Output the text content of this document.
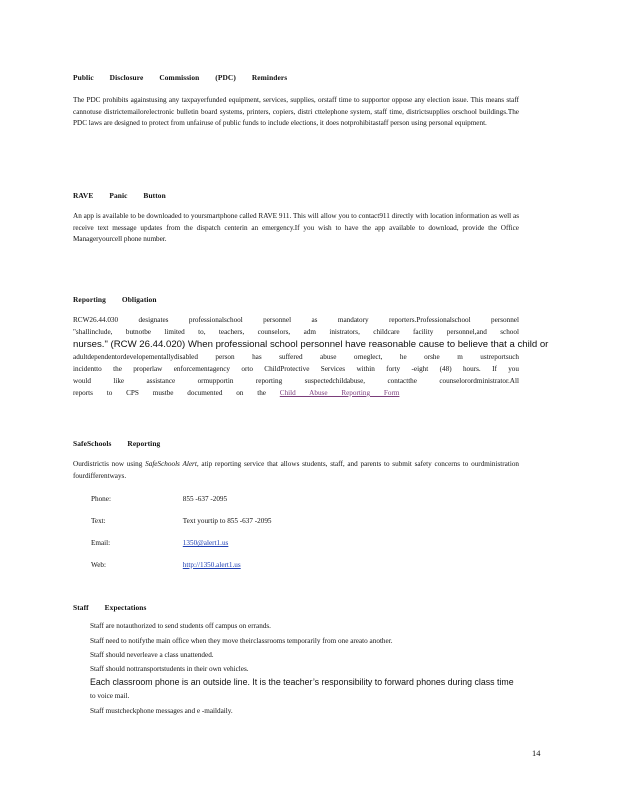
Public Disclosure Commission (PDC) Reminders
The PDC prohibits againstusing any taxpayerfunded equipment, services, supplies, orstaff time to supportor oppose any election issue. This means staff cannotuse districtemailorelectronic bulletin board systems, printers, copiers, distri cttelephone system, staff time, districtsupplies orschool buildings.The PDC laws are designed to protect from unfairuse of public funds to include elections, it does notprohibitastaff person using personal equipment.
RAVE Panic Button
An app is available to be downloaded to yoursmartphone called RAVE 911. This will allow you to contact911 directly with location information as well as receive text message updates from the dispatch centerin an emergency.If you wish to have the app available to download, provide the Office Manageryourcell phone number.
Reporting Obligation
RCW26.44.030 designates professionalschool personnel as mandatory reporters.Professionalschool personnel
"shallinclude, butnotbe limited to, teachers, counselors, adm inistrators, childcare facility personnel,and school
nurses." (RCW 26.44.020) When professional school personnel have reasonable cause to believe that a child or
adultdependentordevelopementallydisabled person has suffered abuse orneglect, he orshe m ustreportsuch
incidentto the properlaw enforcementagency orto ChildProtective Services within forty -eight (48) hours. If you
would like assistance ormupportin reporting suspectedchildabuse, contactthe counselorordministrator.All
reports to CPS mustbe documented on the Child Abuse Reporting Form
SafeSchools Reporting
Ourdistrictis now using SafeSchools Alert, atip reporting service that allows students, staff, and parents to submit safety concerns to ourdministration fourdifferentways.
Phone:	855 -637 -2095
Text:	Text yourtip to 855 -637 -2095
Email:	1350@alert1.us
Web:	http://1350.alert1.us
Staff Expectations
Staff are notauthorized to send students off campus on errands.
Staff need to notifythe main office when they move theirclassrooms temporarily from one areato another.
Staff should neverleave a class unattended.
Staff should nottransportstudents in their own vehicles.
Each classroom phone is an outside line. It is the teacher’s responsibility to forward phones during class time
to voice mail.
Staff mustcheckphone messages and e -maildaily.
14
